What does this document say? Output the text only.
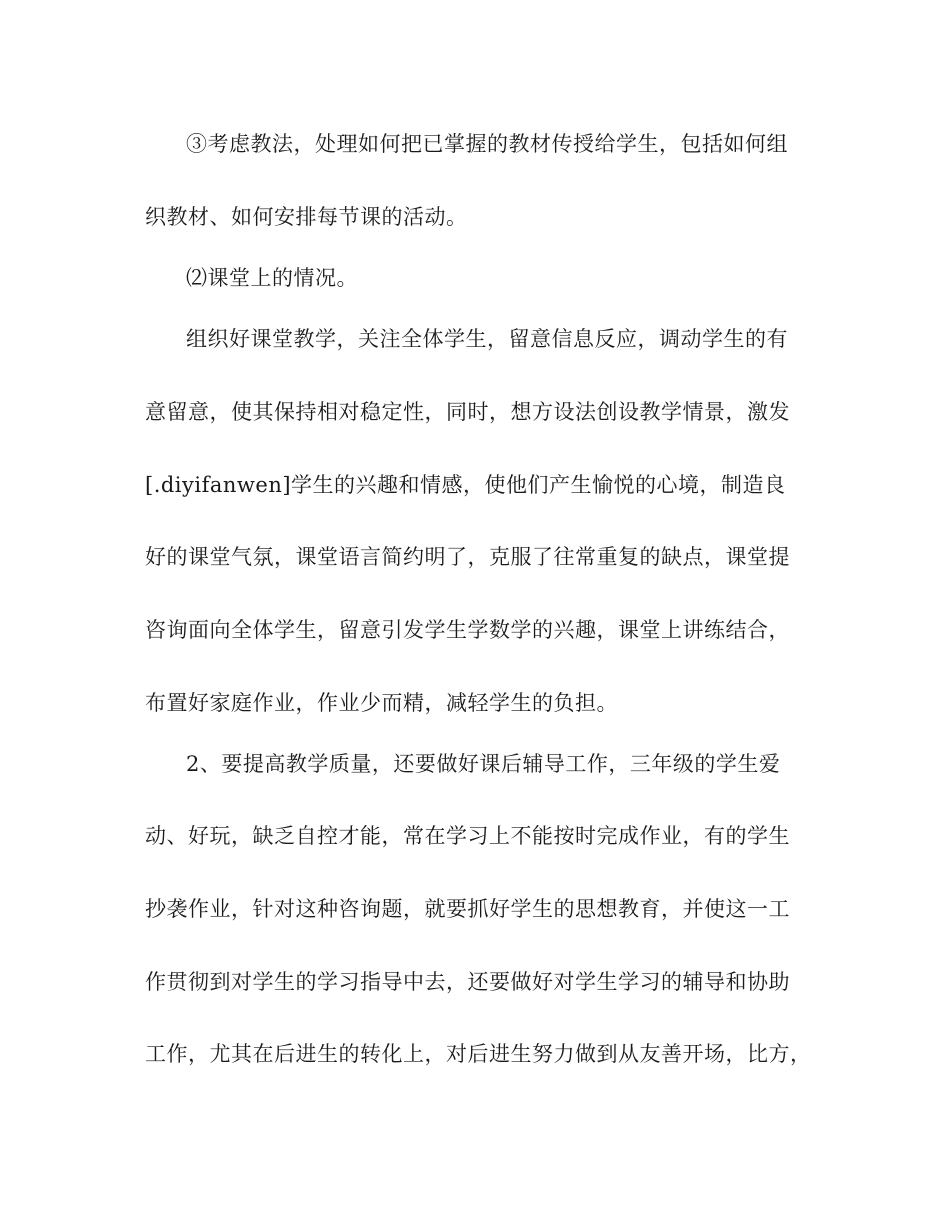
③考虑教法，处理如何把已掌握的教材传授给学生，包括如何组
织教材、如何安排每节课的活动。
⑵课堂上的情况。
组织好课堂教学，关注全体学生，留意信息反应，调动学生的有
意留意，使其保持相对稳定性，同时，想方设法创设教学情景，激发
[.diyifanwen]学生的兴趣和情感，使他们产生愉悦的心境，制造良
好的课堂气氛，课堂语言简约明了，克服了往常重复的缺点，课堂提
咨询面向全体学生，留意引发学生学数学的兴趣，课堂上讲练结合，
布置好家庭作业，作业少而精，减轻学生的负担。
2、要提高教学质量，还要做好课后辅导工作，三年级的学生爱
动、好玩，缺乏自控才能，常在学习上不能按时完成作业，有的学生
抄袭作业，针对这种咨询题，就要抓好学生的思想教育，并使这一工
作贯彻到对学生的学习指导中去，还要做好对学生学习的辅导和协助
工作，尤其在后进生的转化上，对后进生努力做到从友善开场，比方，
